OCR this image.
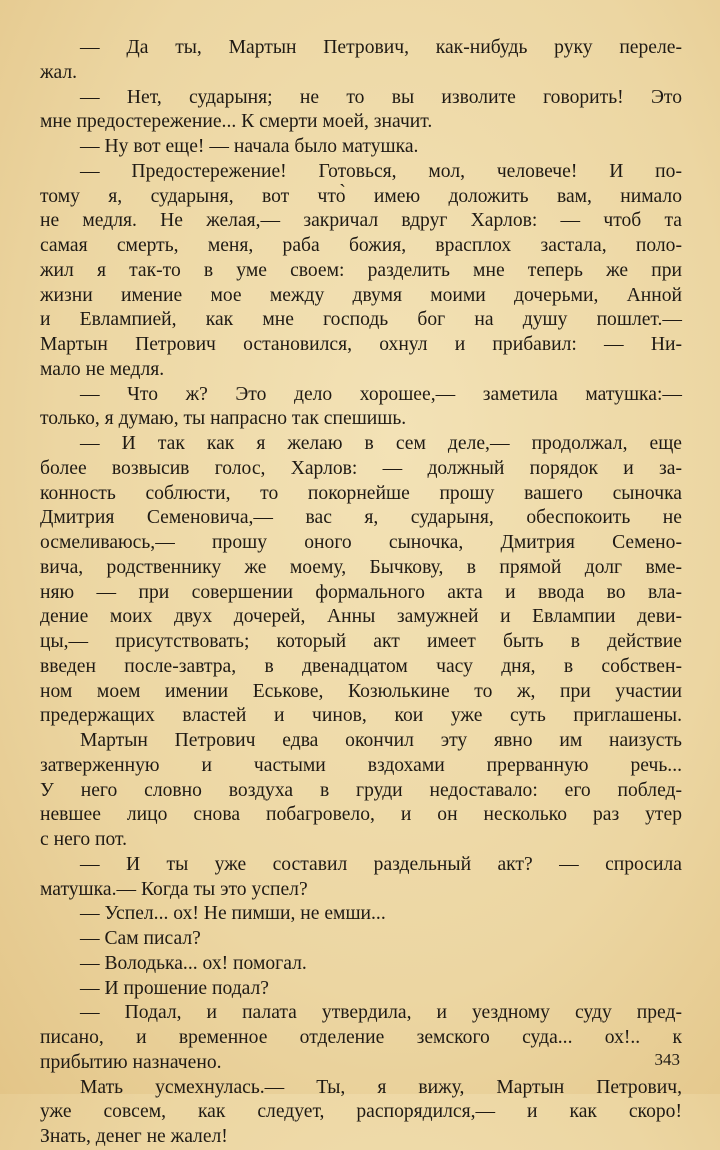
— Да ты, Мартын Петрович, как-нибудь руку переле-
жал.
— Нет, сударыня; не то вы изволите говорить! Это
мне предостережение... К смерти моей, значит.
— Ну вот еще! — начала было матушка.
— Предостережение! Готовься, мол, человече! И по-
тому я, сударыня, вот что̀ имею доложить вам, нимало
не медля. Не желая,— закричал вдруг Харлов: — чтоб та
самая смерть, меня, раба божия, врасплох застала, поло-
жил я так-то в уме своем: разделить мне теперь же при
жизни имение мое между двумя моими дочерьми, Анной
и Евлампией, как мне господь бог на душу пошлет.—
Мартын Петрович остановился, охнул и прибавил: — Ни-
мало не медля.
— Что ж? Это дело хорошее,— заметила матушка:—
только, я думаю, ты напрасно так спешишь.
— И так как я желаю в сем деле,— продолжал, еще
более возвысив голос, Харлов: — должный порядок и за-
конность соблюсти, то покорнейше прошу вашего сыночка
Дмитрия Семеновича,— вас я, сударыня, обеспокоить не
осмеливаюсь,— прошу оного сыночка, Дмитрия Семено-
вича, родственнику же моему, Бычкову, в прямой долг вме-
няю — при совершении формального акта и ввода во вла-
дение моих двух дочерей, Анны замужней и Евлампии деви-
цы,— присутствовать; который акт имеет быть в действие
введен после-завтра, в двенадцатом часу дня, в собствен-
ном моем имении Еськове, Козюлькине то ж, при участии
предержащих властей и чинов, кои уже суть приглашены.
Мартын Петрович едва окончил эту явно им наизусть
затверженную и частыми вздохами прерванную речь...
У него словно воздуха в груди недоставало: его поблед-
невшее лицо снова побагровело, и он несколько раз утер
с него пот.
— И ты уже составил раздельный акт? — спросила
матушка.— Когда ты это успел?
— Успел... ох! Не пимши, не емши...
— Сам писал?
— Володька... ох! помогал.
— И прошение подал?
— Подал, и палата утвердила, и уездному суду пред-
писано, и временное отделение земского суда... ох!.. к
прибытию назначено.
Мать усмехнулась.— Ты, я вижу, Мартын Петрович,
уже совсем, как следует, распорядился,— и как скоро!
Знать, денег не жалел!
343
